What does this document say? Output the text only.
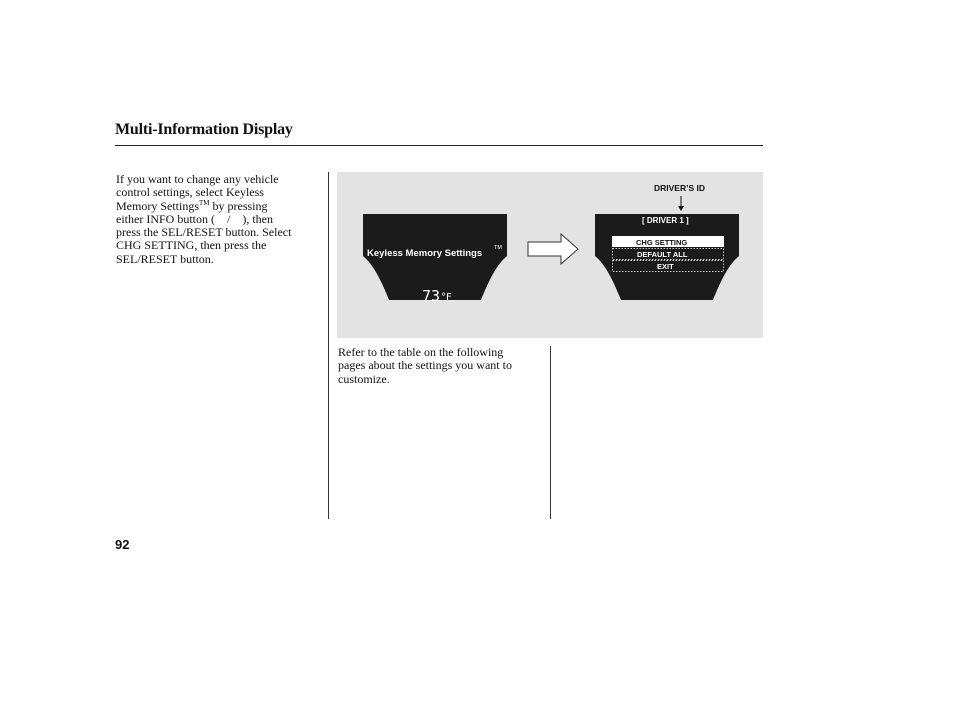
Multi-Information Display
If you want to change any vehicle
control settings, select Keyless
Memory Settings™ by pressing
either INFO button ( / ), then
press the SEL/RESET button. Select
CHG SETTING, then press the
SEL/RESET button.	Keyless Memory Settings TM
73 °F
DRIVER’S ID
[ DRIVER 1 ]
CHG SETTING
DEFAULT ALL
EXIT
Refer to the table on the following
pages about the settings you want to
customize.
92
